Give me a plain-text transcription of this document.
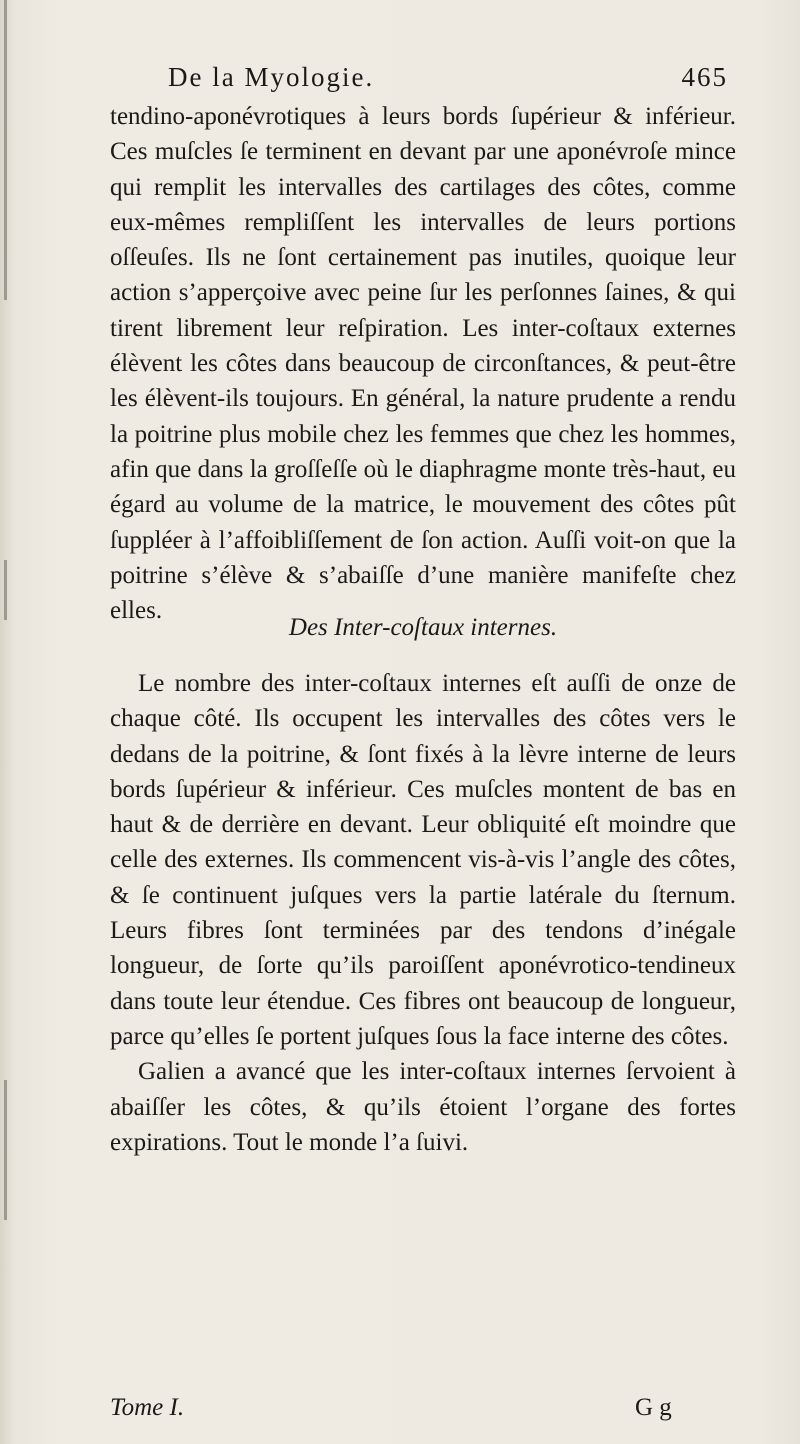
De la Myologie.	465

tendino-aponévrotiques à leurs bords ſupérieur & inférieur. Ces muſcles ſe terminent en devant par une aponévroſe mince qui remplit les intervalles des cartilages des côtes, comme eux-mêmes rempliſſent les intervalles de leurs portions oſſeuſes. Ils ne ſont certainement pas inutiles, quoique leur action s’apperçoive avec peine ſur les perſonnes ſaines, & qui tirent librement leur reſpiration. Les inter-coſtaux externes élèvent les côtes dans beaucoup de circonſtances, & peut-être les élèvent-ils toujours. En général, la nature prudente a rendu la poitrine plus mobile chez les femmes que chez les hommes, afin que dans la groſſeſſe où le diaphragme monte très-haut, eu égard au volume de la matrice, le mouvement des côtes pût ſuppléer à l’affoibliſſement de ſon action. Auſſi voit-on que la poitrine s’élève & s’abaiſſe d’une manière manifeſte chez elles.

Des Inter-coſtaux internes.

Le nombre des inter-coſtaux internes eſt auſſi de onze de chaque côté. Ils occupent les intervalles des côtes vers le dedans de la poitrine, & ſont fixés à la lèvre interne de leurs bords ſupérieur & inférieur. Ces muſcles montent de bas en haut & de derrière en devant. Leur obliquité eſt moindre que celle des externes. Ils commencent vis-à-vis l’angle des côtes, & ſe continuent juſques vers la partie latérale du ſternum. Leurs fibres ſont terminées par des tendons d’inégale longueur, de ſorte qu’ils paroiſſent aponévrotico-tendineux dans toute leur étendue. Ces fibres ont beaucoup de longueur, parce qu’elles ſe portent juſques ſous la face interne des côtes.

Galien a avancé que les inter-coſtaux internes ſervoient à abaiſſer les côtes, & qu’ils étoient l’organe des fortes expirations. Tout le monde l’a ſuivi.

Tome I.	G g
